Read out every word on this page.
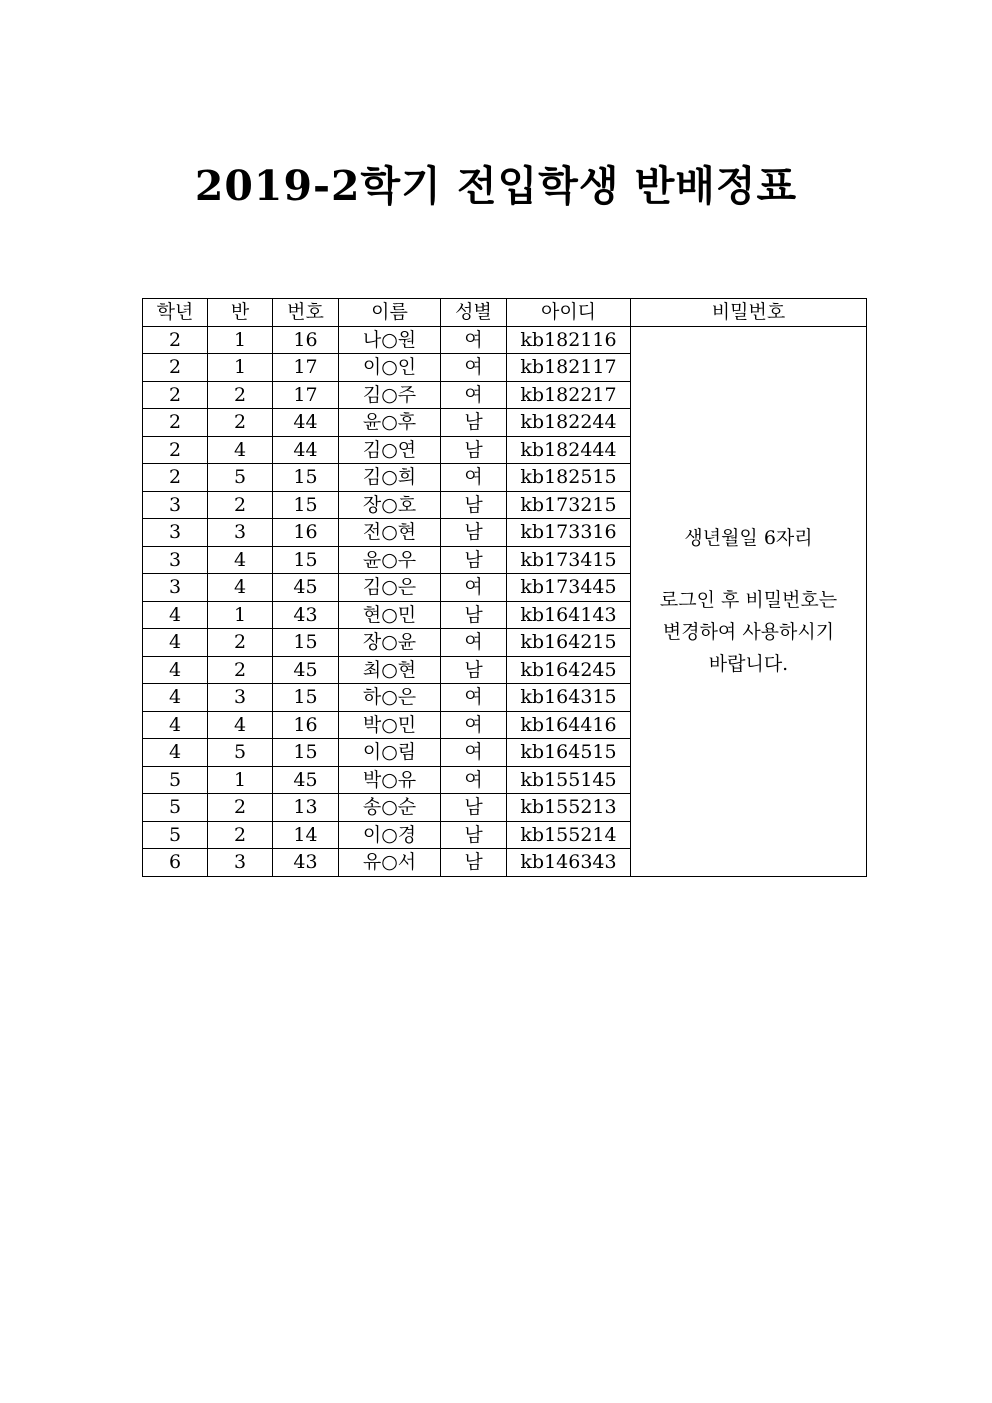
2019-2학기 전입학생 반배정표
학년	반	번호	이름	성별	아이디	비밀번호
2	1	16	나○원	여	kb182116	생년월일 6자리
로그인 후 비밀번호는
변경하여 사용하시기
바랍니다.

2	1	17	이○인	여	kb182117	
2	2	17	김○주	여	kb182217	
2	2	44	윤○후	남	kb182244	
2	4	44	김○연	남	kb182444	
2	5	15	김○희	여	kb182515	
3	2	15	장○호	남	kb173215	
3	3	16	전○현	남	kb173316	
3	4	15	윤○우	남	kb173415	
3	4	45	김○은	여	kb173445	
4	1	43	현○민	남	kb164143	
4	2	15	장○윤	여	kb164215	
4	2	45	최○현	남	kb164245	
4	3	15	하○은	여	kb164315	
4	4	16	박○민	여	kb164416	
4	5	15	이○림	여	kb164515	
5	1	45	박○유	여	kb155145	
5	2	13	송○순	남	kb155213	
5	2	14	이○경	남	kb155214	
6	3	43	유○서	남	kb146343	
